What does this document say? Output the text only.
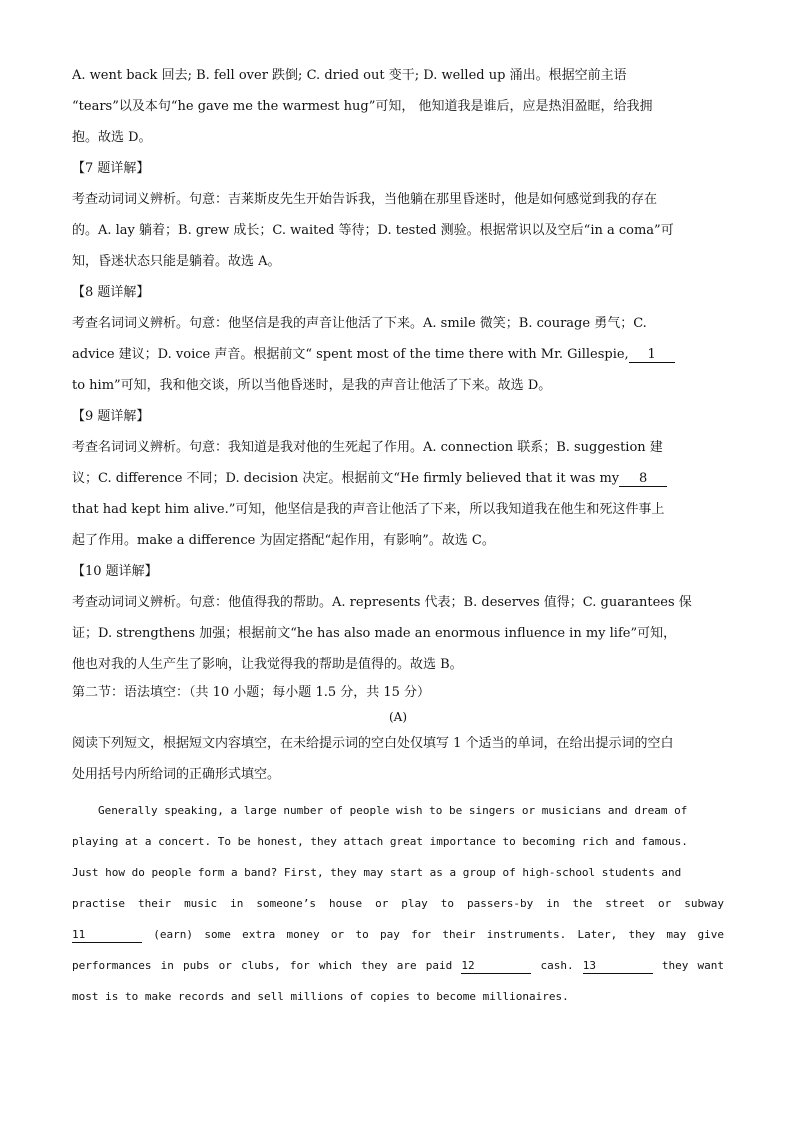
A. went back 回去; B. fell over 跌倒; C. dried out 变干; D. welled up 涌出。根据空前主语
“tears”以及本句“he gave me the warmest hug”可知， 他知道我是谁后，应是热泪盈眶，给我拥
抱。故选 D。
【7 题详解】
考查动词词义辨析。句意：吉莱斯皮先生开始告诉我，当他躺在那里昏迷时，他是如何感觉到我的存在
的。A. lay 躺着；B. grew 成长；C. waited 等待；D. tested 测验。根据常识以及空后“in a coma”可
知，昏迷状态只能是躺着。故选 A。
【8 题详解】
考查名词词义辨析。句意：他坚信是我的声音让他活了下来。A. smile 微笑；B. courage 勇气；C.
advice 建议；D. voice 声音。根据前文“ spent most of the time there with Mr. Gillespie, 1
to him”可知，我和他交谈，所以当他昏迷时，是我的声音让他活了下来。故选 D。
【9 题详解】
考查名词词义辨析。句意：我知道是我对他的生死起了作用。A. connection 联系；B. suggestion 建
议；C. difference 不同；D. decision 决定。根据前文“He firmly believed that it was my 8
that had kept him alive.”可知，他坚信是我的声音让他活了下来，所以我知道我在他生和死这件事上
起了作用。make a difference 为固定搭配“起作用，有影响”。故选 C。
【10 题详解】
考查动词词义辨析。句意：他值得我的帮助。A. represents 代表；B. deserves 值得；C. guarantees 保
证；D. strengthens 加强；根据前文“he has also made an enormous influence in my life”可知，
他也对我的人生产生了影响，让我觉得我的帮助是值得的。故选 B。
第二节：语法填空：（共 10 小题；每小题 1.5 分，共 15 分）
(A)
阅读下列短文，根据短文内容填空，在未给提示词的空白处仅填写 1 个适当的单词，在给出提示词的空白
处用括号内所给词的正确形式填空。
Generally speaking, a large number of people wish to be singers or musicians and dream of
playing at a concert. To be honest, they attach great importance to becoming rich and famous.
Just how do people form a band? First, they may start as a group of high-school students and
practise their music in someone’s house or play to passers-by in the street or subway
11	(earn) some extra money or to pay for their instruments. Later, they may give
performances in pubs or clubs, for which they are paid 12	cash. 13	they want
most is to make records and sell millions of copies to become millionaires.
